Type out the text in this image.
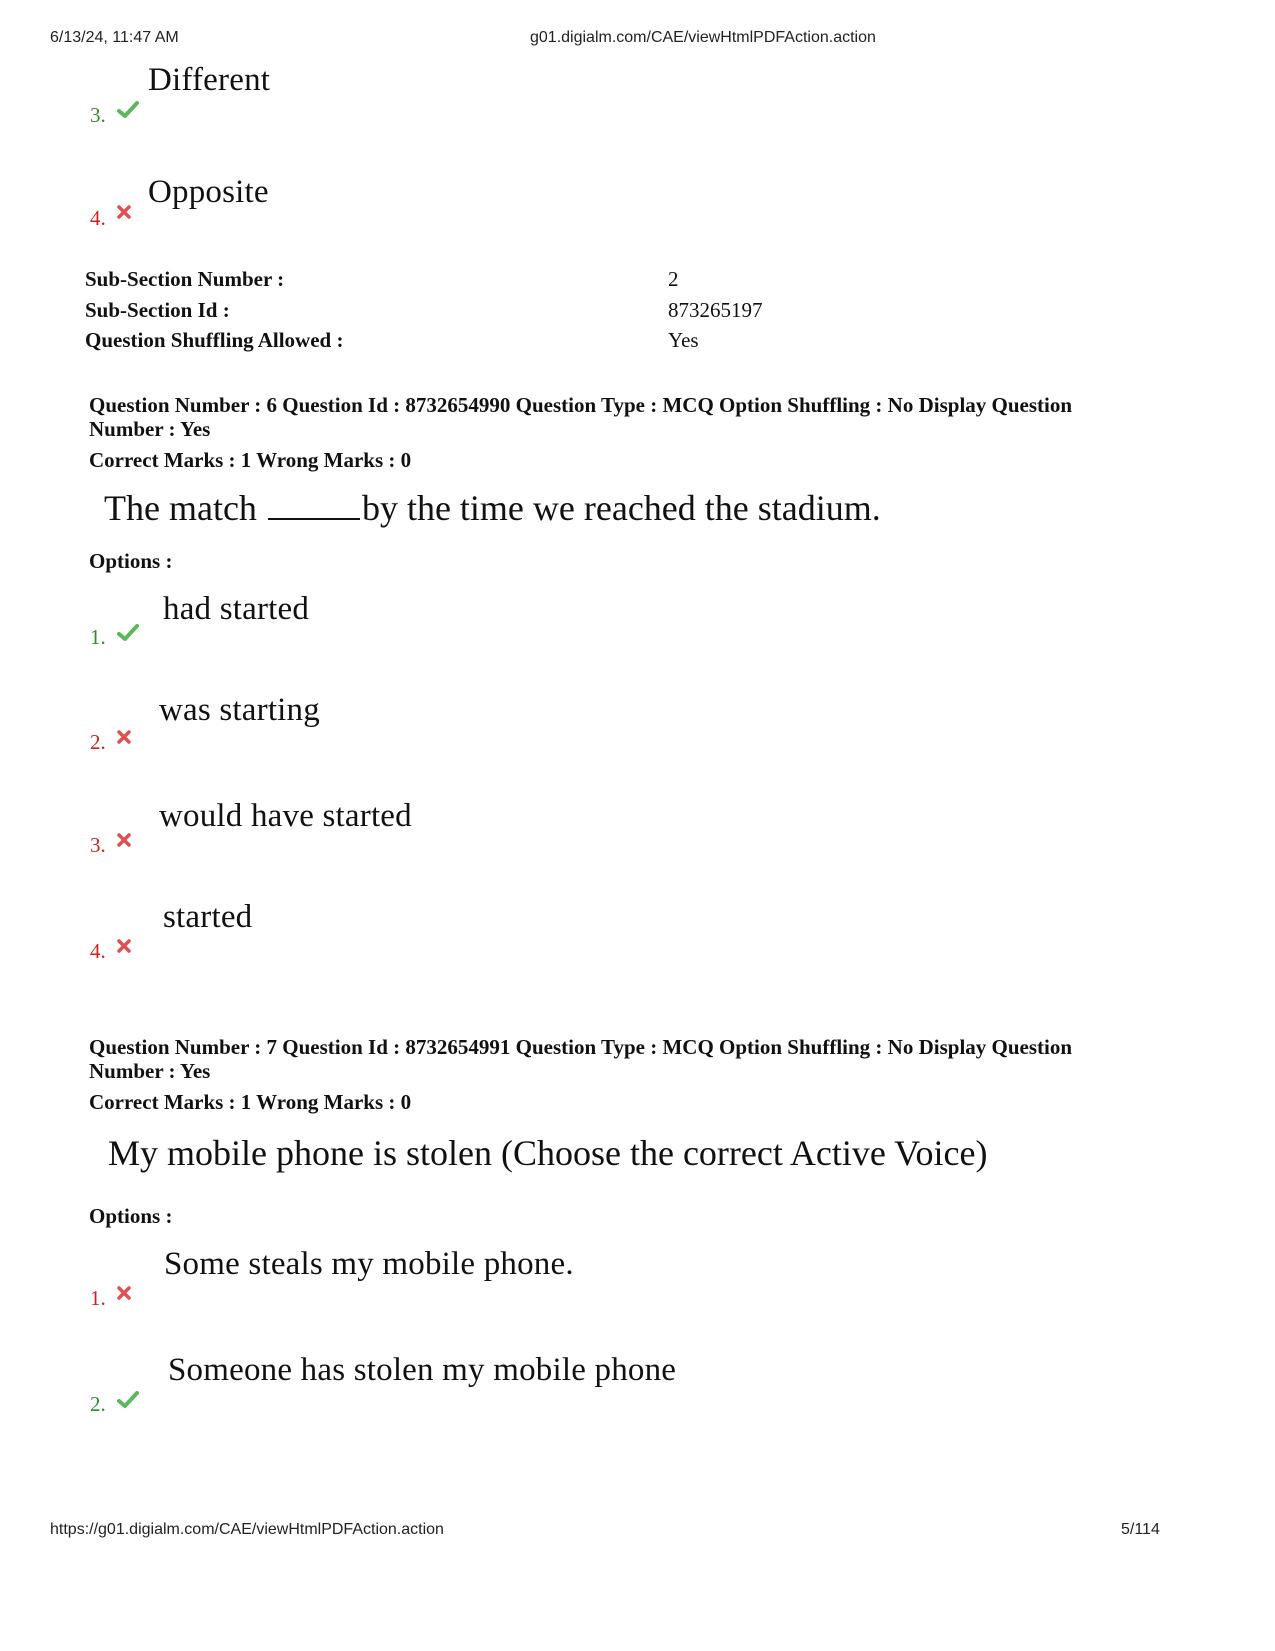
6/13/24, 11:47 AM	g01.digialm.com/CAE/viewHtmlPDFAction.action
Different
3.
Opposite
4.
Sub-Section Number :	2
Sub-Section Id :	873265197
Question Shuffling Allowed :	Yes
Question Number : 6 Question Id : 8732654990 Question Type : MCQ Option Shuffling : No Display Question
Number : Yes
Correct Marks : 1 Wrong Marks : 0
The match	by the time we reached the stadium.
Options :
had started
1.
was starting
2.
would have started
3.
started
4.
Question Number : 7 Question Id : 8732654991 Question Type : MCQ Option Shuffling : No Display Question
Number : Yes
Correct Marks : 1 Wrong Marks : 0
My mobile phone is stolen (Choose the correct Active Voice)
Options :
Some steals my mobile phone.
1.
Someone has stolen my mobile phone
2.
https://g01.digialm.com/CAE/viewHtmlPDFAction.action	5/114
